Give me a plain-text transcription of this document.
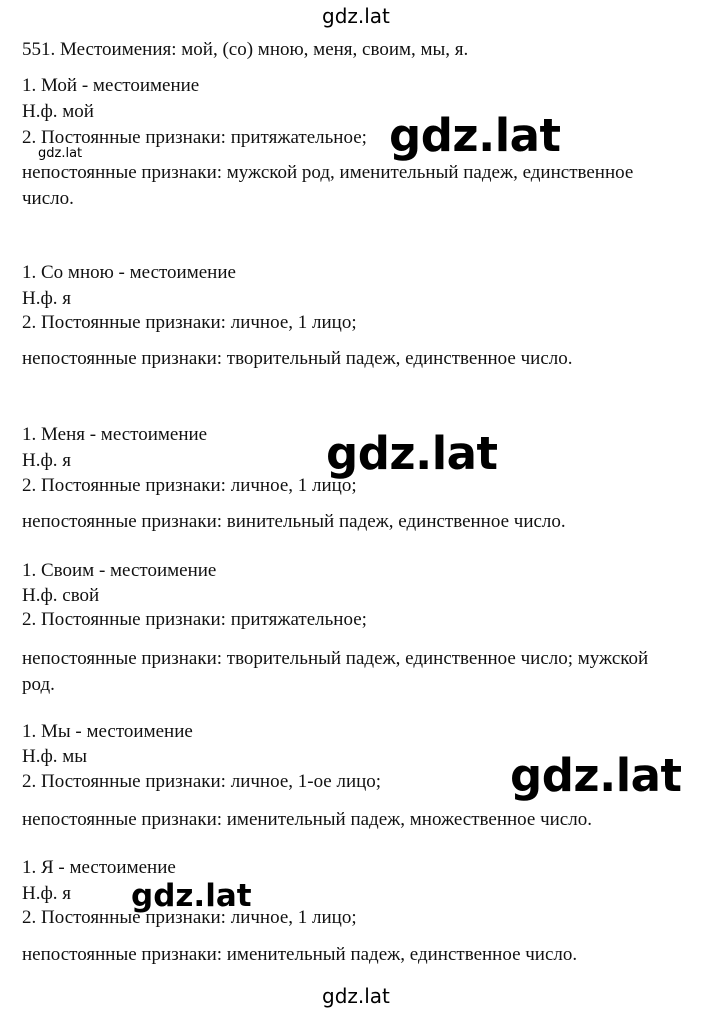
gdz.lat

551. Местоимения: мой, (со) мною, меня, своим, мы, я.

1. Мой - местоимение

Н.ф. мой

2. Постоянные признаки: притяжательное;

непостоянные признаки: мужской род, именительный падеж, единственное

число.

1. Со мною - местоимение

Н.ф. я

2. Постоянные признаки: личное, 1 лицо;

непостоянные признаки: творительный падеж, единственное число.

1. Меня - местоимение

Н.ф. я

2. Постоянные признаки: личное, 1 лицо;

непостоянные признаки: винительный падеж, единственное число.

1. Своим - местоимение

Н.ф. свой

2. Постоянные признаки: притяжательное;

непостоянные признаки: творительный падеж, единственное число; мужской

род.

1. Мы - местоимение

Н.ф. мы

2. Постоянные признаки: личное, 1-ое лицо;

непостоянные признаки: именительный падеж, множественное число.

1. Я - местоимение

Н.ф. я

2. Постоянные признаки: личное, 1 лицо;

непостоянные признаки: именительный падеж, единственное число.

gdz.lat

gdz.lat

gdz.lat

gdz.lat

gdz.lat

gdz.lat
